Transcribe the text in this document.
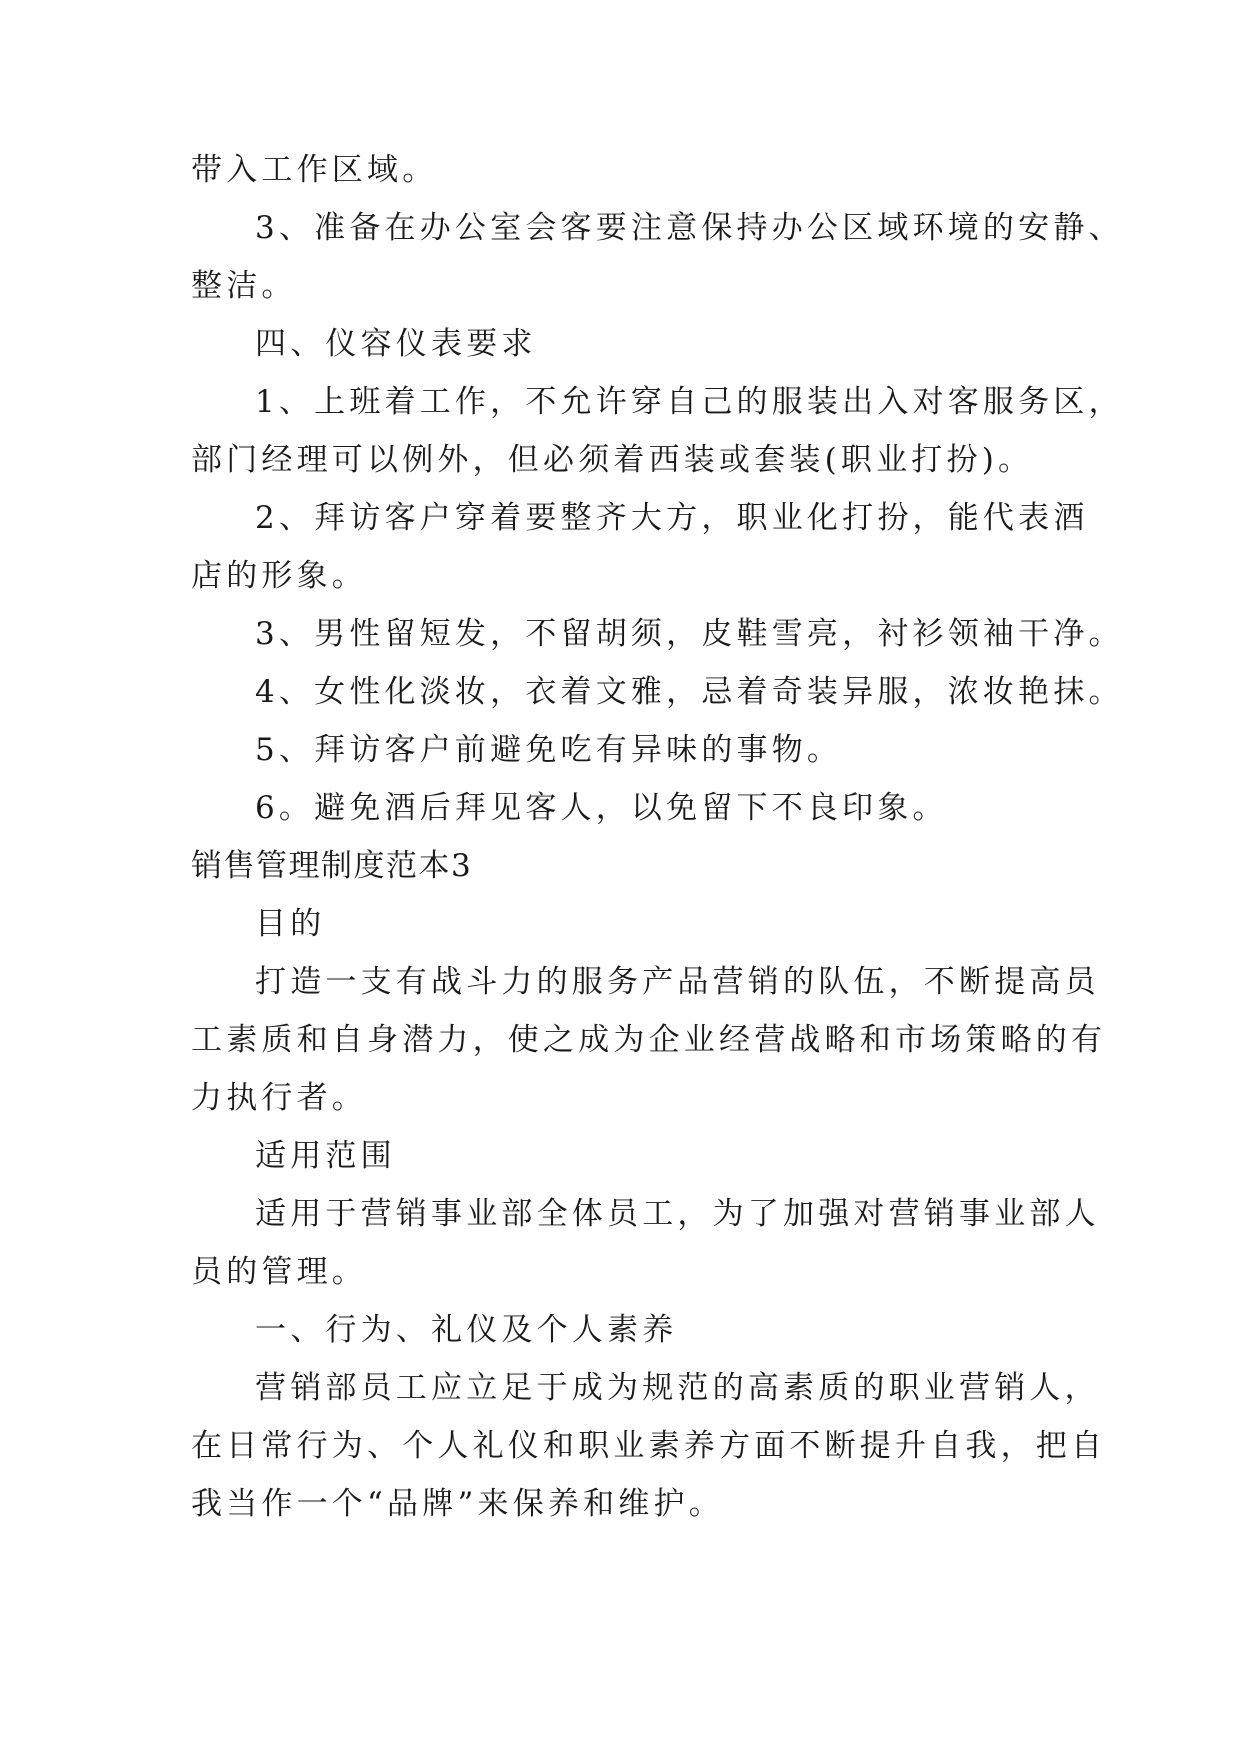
带入工作区域。
3、准备在办公室会客要注意保持办公区域环境的安静、
整洁。
四、仪容仪表要求
1、上班着工作，不允许穿自己的服装出入对客服务区，
部门经理可以例外，但必须着西装或套装(职业打扮)。
2、拜访客户穿着要整齐大方，职业化打扮，能代表酒
店的形象。
3、男性留短发，不留胡须，皮鞋雪亮，衬衫领袖干净。
4、女性化淡妆，衣着文雅，忌着奇装异服，浓妆艳抹。
5、拜访客户前避免吃有异味的事物。
6。避免酒后拜见客人，以免留下不良印象。
销售管理制度范本3
目的
打造一支有战斗力的服务产品营销的队伍，不断提高员
工素质和自身潜力，使之成为企业经营战略和市场策略的有
力执行者。
适用范围
适用于营销事业部全体员工，为了加强对营销事业部人
员的管理。
一、行为、礼仪及个人素养
营销部员工应立足于成为规范的高素质的职业营销人，
在日常行为、个人礼仪和职业素养方面不断提升自我，把自
我当作一个“品牌”来保养和维护。
